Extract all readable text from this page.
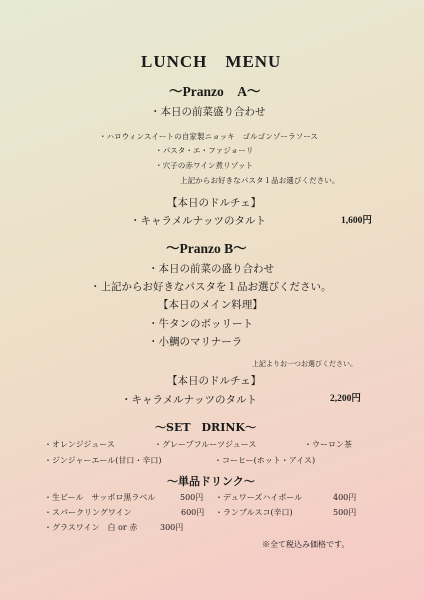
LUNCH　MENU
～Pranzo　A～
・本日の前菜盛り合わせ
・ハロウィンスイートの自家製ニョッキ　ゴルゴンゾーラソース
・パスタ・エ・ファジョーリ
・穴子の赤ワイン煮リゾット
上記からお好きなパスタ１品お選びください。
【本日のドルチェ】
・キャラメルナッツのタルト	1,600円
～Pranzo B～
・本日の前菜の盛り合わせ
・上記からお好きなパスタを１品お選びください。
【本日のメイン料理】
・牛タンのボッリート
・小鯛のマリナーラ
上記よりお一つお選びください。
【本日のドルチェ】
・キャラメルナッツのタルト	2,200円
～SET　DRINK～
・オレンジジュース	・グレープフルーツジュース	・ウーロン茶
・ジンジャーエール(甘口・辛口)	・コーヒー(ホット・アイス)
～単品ドリンク～
・生ビール　サッポロ黒ラベル	500円 ・デュワーズハイボール	400円
・スパークリングワイン	600円 ・ランブルスコ(辛口)	500円
・グラスワイン　白 or 赤	300円
※全て税込み価格です。
